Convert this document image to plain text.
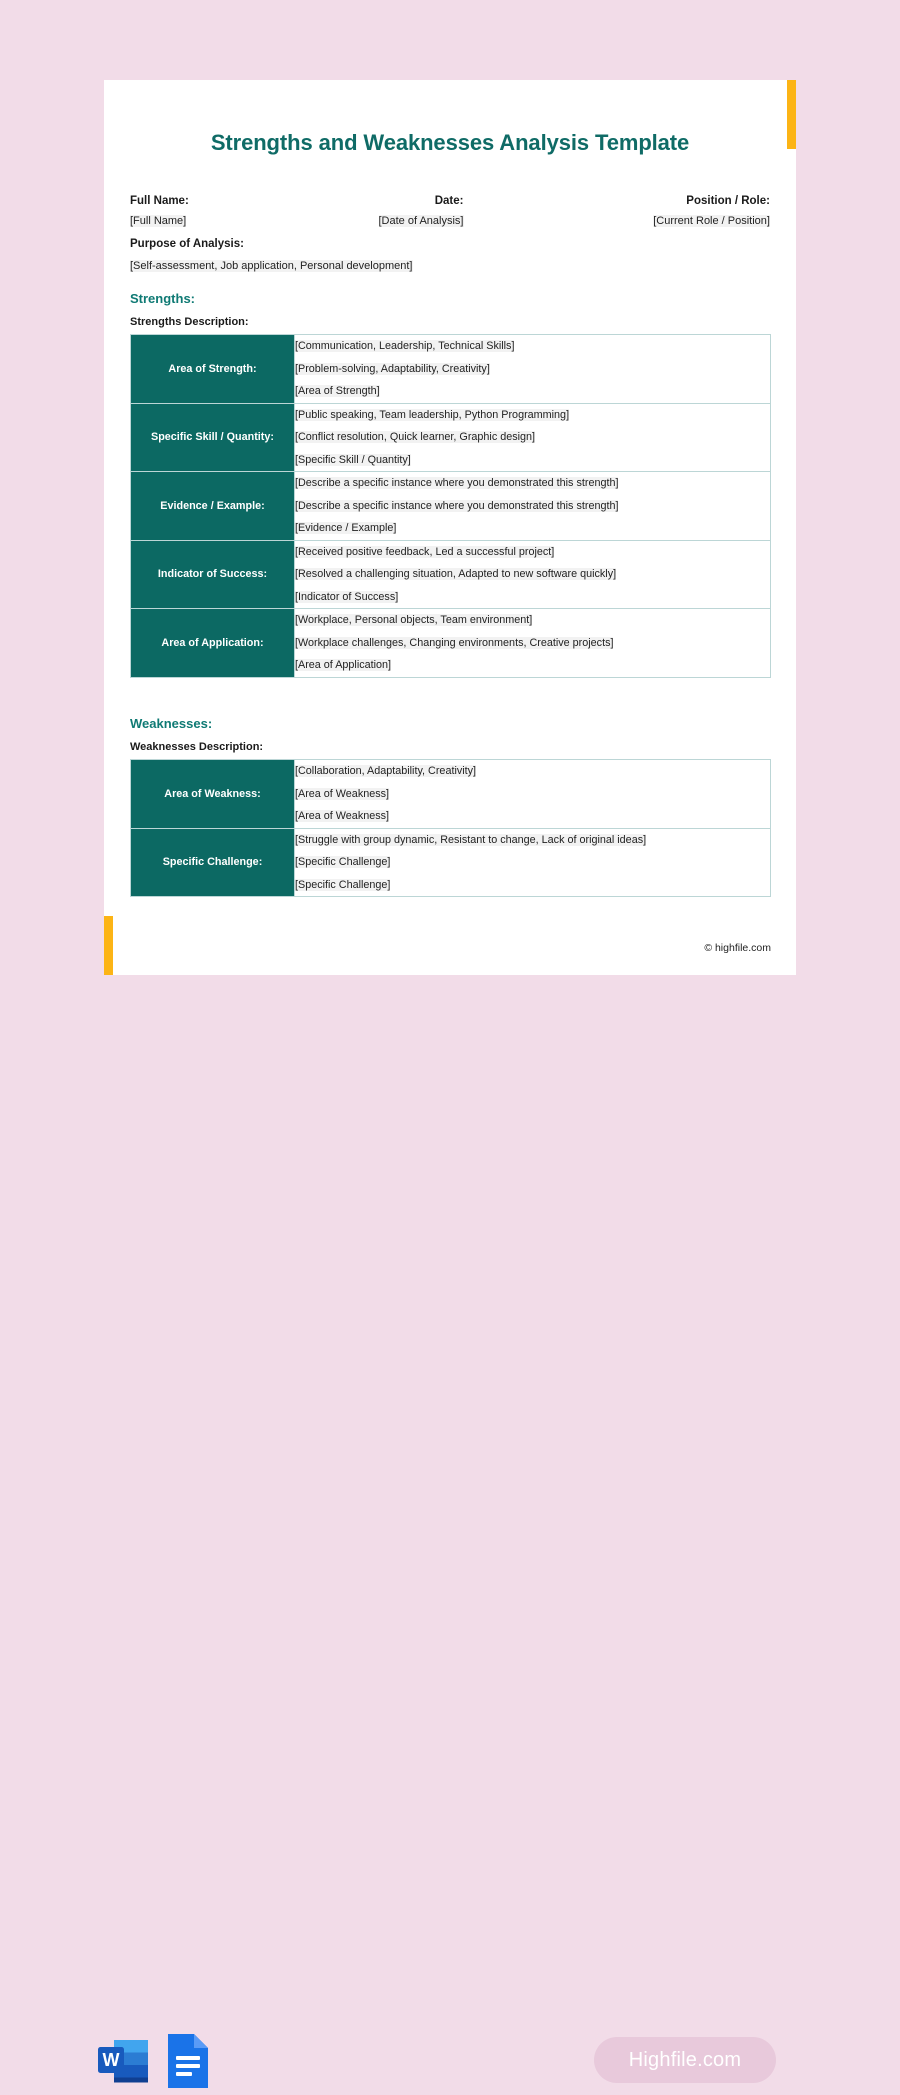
Strengths and Weaknesses Analysis Template
Full Name:
[Full Name]
Date:
[Date of Analysis]
Position / Role:
[Current Role / Position]
Purpose of Analysis:
[Self-assessment, Job application, Personal development]
Strengths:
Strengths Description:
Area of Strength:	[Communication, Leadership, Technical Skills]
[Problem-solving, Adaptability, Creativity]
[Area of Strength]

Specific Skill / Quantity:	[Public speaking, Team leadership, Python Programming]
[Conflict resolution, Quick learner, Graphic design]
[Specific Skill / Quantity]

Evidence / Example:	[Describe a specific instance where you demonstrated this strength]
[Describe a specific instance where you demonstrated this strength]
[Evidence / Example]

Indicator of Success:	[Received positive feedback, Led a successful project]
[Resolved a challenging situation, Adapted to new software quickly]
[Indicator of Success]

Area of Application:	[Workplace, Personal objects, Team environment]
[Workplace challenges, Changing environments, Creative projects]
[Area of Application]
Weaknesses:
Weaknesses Description:
Area of Weakness:	[Collaboration, Adaptability, Creativity]
[Area of Weakness]
[Area of Weakness]

Specific Challenge:	[Struggle with group dynamic, Resistant to change, Lack of original ideas]
[Specific Challenge]
[Specific Challenge]
© highfile.com
W	Highfile.com
